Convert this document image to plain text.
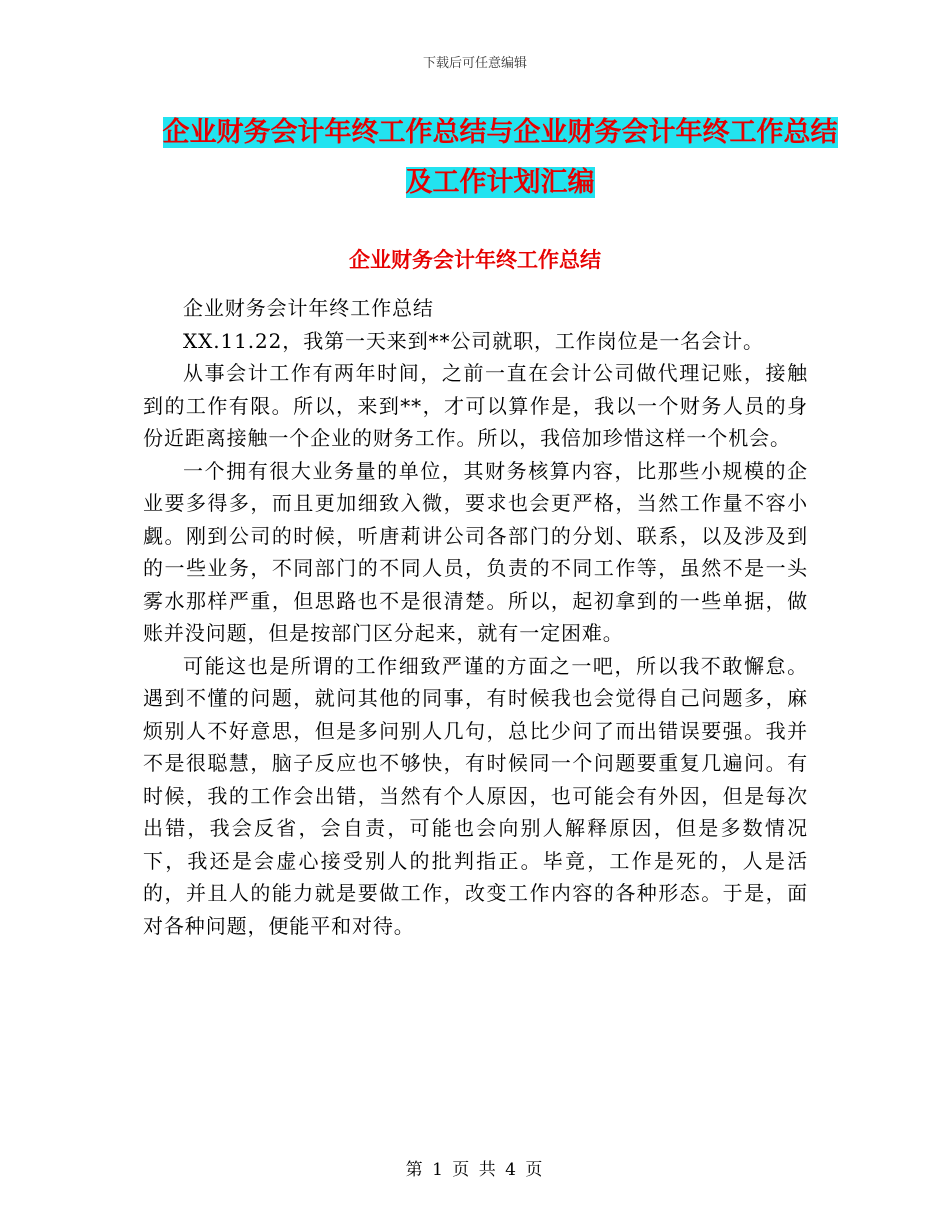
下载后可任意编辑
企业财务会计年终工作总结与企业财务会计年终工作总结及工作计划汇编
企业财务会计年终工作总结

企业财务会计年终工作总结

XX.11.22，我第一天来到**公司就职，工作岗位是一名会计。

从事会计工作有两年时间，之前一直在会计公司做代理记账，接触到的工作有限。所以，来到**，才可以算作是，我以一个财务人员的身份近距离接触一个企业的财务工作。所以，我倍加珍惜这样一个机会。

一个拥有很大业务量的单位，其财务核算内容，比那些小规模的企业要多得多，而且更加细致入微，要求也会更严格，当然工作量不容小觑。刚到公司的时候，听唐莉讲公司各部门的分划、联系，以及涉及到的一些业务，不同部门的不同人员，负责的不同工作等，虽然不是一头雾水那样严重，但思路也不是很清楚。所以，起初拿到的一些单据，做账并没问题，但是按部门区分起来，就有一定困难。

可能这也是所谓的工作细致严谨的方面之一吧，所以我不敢懈怠。遇到不懂的问题，就问其他的同事，有时候我也会觉得自己问题多，麻烦别人不好意思，但是多问别人几句，总比少问了而出错误要强。我并不是很聪慧，脑子反应也不够快，有时候同一个问题要重复几遍问。有时候，我的工作会出错，当然有个人原因，也可能会有外因，但是每次出错，我会反省，会自责，可能也会向别人解释原因，但是多数情况下，我还是会虚心接受别人的批判指正。毕竟，工作是死的，人是活的，并且人的能力就是要做工作，改变工作内容的各种形态。于是，面对各种问题，便能平和对待。

第 1 页 共 4 页
